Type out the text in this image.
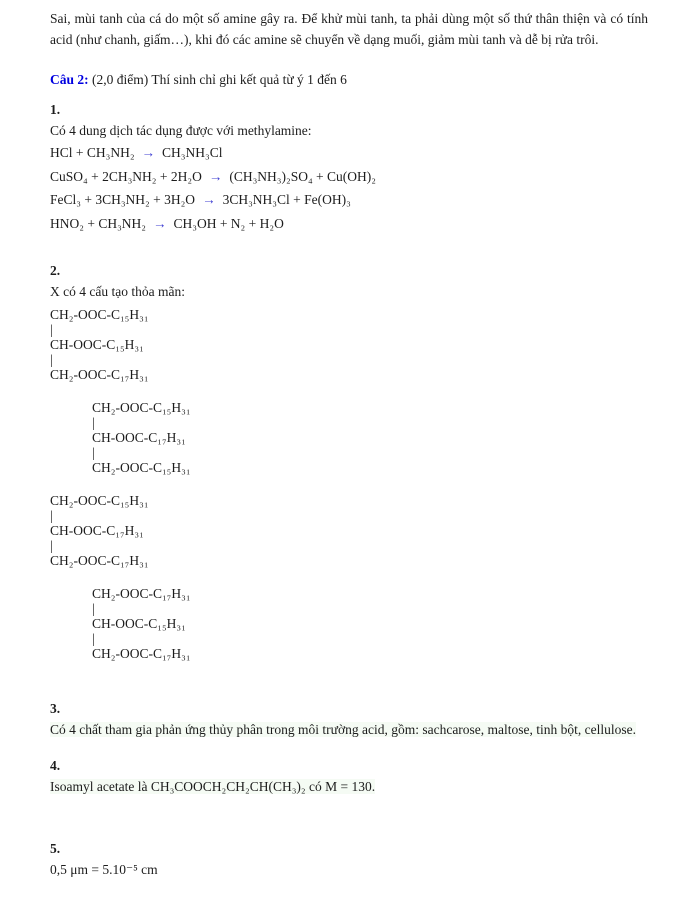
Sai, mùi tanh của cá do một số amine gây ra. Để khử mùi tanh, ta phải dùng một số thứ thân thiện và có tính acid (như chanh, giấm…), khi đó các amine sẽ chuyển về dạng muối, giảm mùi tanh và dễ bị rửa trôi.

Câu 2: (2,0 điểm) Thí sinh chỉ ghi kết quả từ ý 1 đến 6
1.

Có 4 dung dịch tác dụng được với methylamine:

HCl + CH₃NH₂ → CH₃NH₃Cl
CuSO₄ + 2CH₃NH₂ + 2H₂O → (CH₃NH₃)₂SO₄ + Cu(OH)₂
FeCl₃ + 3CH₃NH₂ + 3H₂O → 3CH₃NH₃Cl + Fe(OH)₃
HNO₂ + CH₃NH₂ → CH₃OH + N₂ + H₂O
2.

X có 4 cấu tạo thỏa mãn:

CH₂-OOC-C₁₅H₃₁
|
CH-OOC-C₁₅H₃₁
|
CH₂-OOC-C₁₇H₃₁
CH₂-OOC-C₁₅H₃₁
|
CH-OOC-C₁₇H₃₁
|
CH₂-OOC-C₁₅H₃₁
CH₂-OOC-C₁₅H₃₁
|
CH-OOC-C₁₇H₃₁
|
CH₂-OOC-C₁₇H₃₁
CH₂-OOC-C₁₇H₃₁
|
CH-OOC-C₁₅H₃₁
|
CH₂-OOC-C₁₇H₃₁
3.

Có 4 chất tham gia phản ứng thủy phân trong môi trường acid, gồm: sachcarose, maltose, tinh bột, cellulose.

4.

Isoamyl acetate là CH₃COOCH₂CH₂CH(CH₃)₂ có M = 130.

5.

0,5 μm = 5.10⁻⁵ cm
